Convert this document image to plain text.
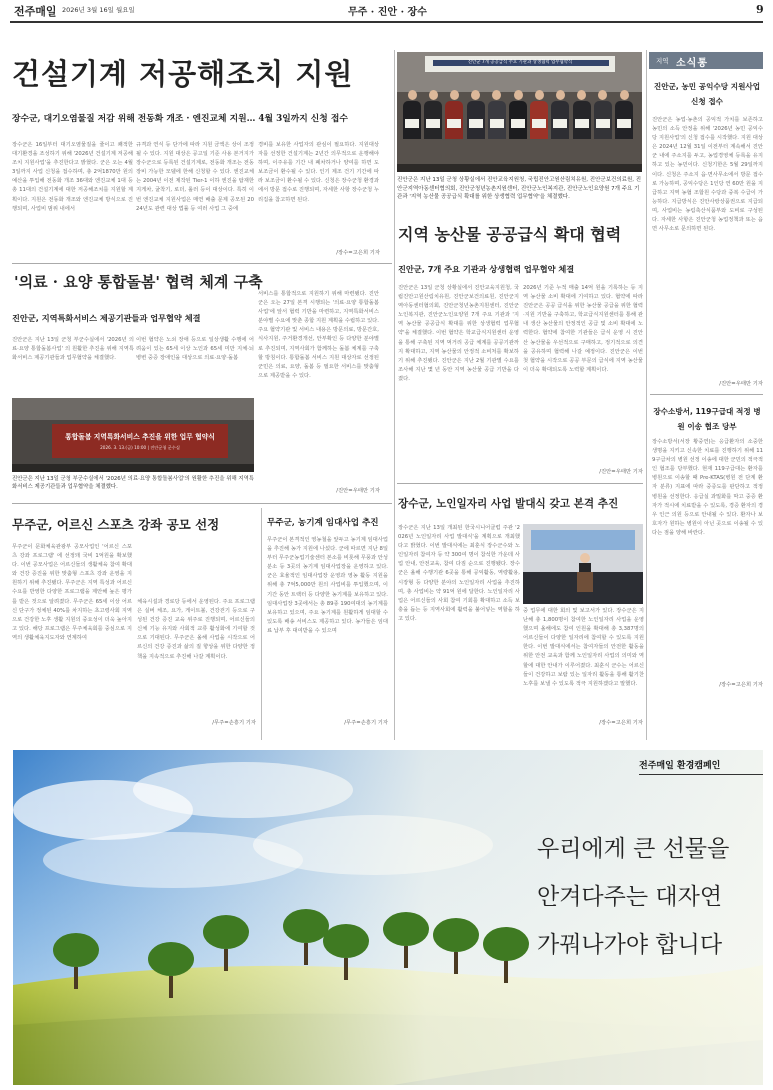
전주매일 2026년 3월 16일 월요일	무주 · 진안 · 장수	9
건설기계 저공해조치 지원
장수군, 대기오염물질 저감 위해 전동화 개조 · 엔진교체 지원… 4월 3일까지 신청 접수
장수군은 16일부터 대기오염물질을 줄이고 쾌적한 대기환경을 조성하기 위해 '2026년 건설기계 저공해조치 지원사업'을 추진한다고 밝혔다. 군은 오는 4월 3일까지 사업 신청을 접수하며, 총 2억1870만 원의 예산을 투입해 전동화 개조 36대와 엔진교체 1대 등 총 11대의 건설기계에 대한 저공해조치를 지원할 계획이다. 지원은 전동화 개조와 엔진교체 방식으로 진행되며, 사업비 범위 내에서
규격과 연식 등 단가에 따라 지원 금액은 상이 조정될 수 있다. 지원 대상은 공고일 기준 사용 본거지가 장수군으로 등록된 건설기계로, 전동화 개조는 전동장비 가능한 모델에 한해 신청할 수 있다. 엔진교체는 2004년 이전 제작된 Tier-1 이하 엔진을 탑재한 지게차, 굴착기, 로더, 롤러 등이 대상이다. 특히 이번 엔진교체 지원사업은 매연 배출 문제 공모된 2024년도 관련 대상 법률 등 여러 사업 그 중에
경비를 보유한 사업자의 관심이 필요하다. 지원대상자를 선정한 건설기계는 2년간 의무적으로 운행해야 하며, 이주유를 기간 내 폐차하거나 양여를 하면 도 보조금이 환수될 수 있다. 인기 제조 건기 기간에 따라 보조금이 환수될 수 있다. 신청은 장수군청 환경과에서 방문 접수로 진행되며, 자세한 사항 장수군청 누리집을 참고하면 된다.
/장수=고은희 기자
진안군 7개 공공급식 주요 기관과 상생협력 업무협약식
진안군은 지난 13일 군청 상황실에서 진안교육지원청, 국립진안고원산림치유원, 진안군보건의료원, 진안군지역아동센터협의회, 진안군청년농촌지원센터, 진안군노인복지관, 진안군노인요양원 7개 주요 기관과 '지역 농산물 공공급식 확대를 위한 상생협력 업무협약'을 체결했다.
지역 소식통
진안군, 농민 공익수당 지원사업 신청 접수
진안군은 농업·농촌의 공익적 가치를 보존하고 농민의 소득 안정을 위해 '2026년 농민 공익수당 지원사업'의 신청 접수를 시작했다. 지원 대상은 2024년 12월 31일 이전부터 계속해서 진안군 내에 주소지를 두고, 농업경영체 등록을 유지하고 있는 농민이다. 신청기한은 5월 29일까지이다. 신청은 주소지 읍·면사무소에서 방문 접수로 가능하며, 공익수당은 1인당 연 60만 원을 지급하고 지역 농협 조합원 수당과 중복 수급이 가능하다. 지급방식은 진안사랑상품권으로 지급되며, 사업비는 농림축산식품부와 도비로 구성된다. 자세한 사항은 진안군청 농업정책과 또는 읍면 사무소로 문의하면 된다.
/진안=우태만 기자
장수소방서, 119구급대 적정 병원 이송 협조 당부
장수소방서(서장 황중연)는 응급환자의 소중한 생명을 지키고 신속한 치료를 진행하기 위해 119구급차의 병원 선정 이송에 대한 군민의 적극적인 협조를 당부했다. 현재 119구급대는 환자를 병원으로 이송할 때 Pre-KTAS(병원 전 단계 환자 분류) 지표에 따라 중증도를 판단하고 적정 병원을 선정한다. 응급실 과밀화를 막고 중증 환자가 적시에 치료받을 수 있도록, 경증 환자의 경우 인근 의원 등으로 안내될 수 있다. 환자나 보호자가 원하는 병원이 아닌 곳으로 이송될 수 있다는 점을 양해 바란다.
/장수=고은희 기자
지역 농산물 공공급식 확대 협력
진안군, 7개 주요 기관과 상생협력 업무협약 체결
진안군은 13일 군청 상황실에서 진안교육지원청, 국립진안고원산림치유원, 진안군보건의료원, 진안군지역아동센터협의회, 진안군청년농촌지원센터, 진안군노인복지관, 진안군노인요양원 7개 주요 기관과 '지역 농산물 공공급식 확대를 위한 상생협력 업무협약'을 체결했다. 이번 협약은 학교급식지원센터 운영을 통해 구축된 지역 먹거리 공급 체계를 공공기관까지 확대하고, 지역 농산물의 안정적 소비처를 확보하기 위해 추진됐다. 진안군은 지난 2월 기관별 수요를 조사해 지난 몇 년 동안 지역 농산물 공급 기반을 다졌다.
2026년 기준 누적 매출 14억 원을 기록하는 등 지역 농산물 소비 확대에 기여하고 있다. 협약에 따라 진안군은 공공 급식을 위한 농산물 공급을 위한 협력·지원 기반을 구축하고, 학교급식지원센터를 통해 관내 생산 농산물의 안정적인 공급 및 소비 확대에 노력한다. 협약에 참여한 기관들은 급식 운영 시 진안산 농산물을 우선적으로 구매하고, 정기적으로 의견을 공유하며 협력해 나갈 예정이다. 진안군은 이번 첫 협약을 시작으로 공공 부문의 급식에 지역 농산물이 더욱 확대되도록 노력할 계획이다.
/진안=우태만 기자
'의료 · 요양 통합돌봄' 협력 체계 구축
진안군, 지역특화서비스 제공기관들과 업무협약 체결
진안군은 지난 13일 군청 부군수실에서 '2026년 의료·요양 통합돌봄사업' 의 원활한 추진을 위해 지역특화서비스 제공기관들과 업무협약을 체결했다.
이번 협약은 노쇠 장애 등으로 일상생활 수행에 어려움이 있는 65세 이상 노인과 65세 미만 지체·뇌병변 중증 장애인을 대상으로 의료·요양·돌봄
서비스를 통합적으로 지원하기 위해 마련됐다. 진안군은 오는 27일 본격 시행되는 '의료·요양 통합돌봄사업'에 앞서 협력 기반을 마련하고, 지역특화서비스 분야별 수요에 맞춘 종합 지원 계획을 수립하고 있다. 주요 협약기관 및 서비스 내용은 방문의료, 방문간호, 식사지원, 주거환경개선, 안부확인 등 다양한 분야별로 추진되며, 지역사회가 함께하는 돌봄 체계를 구축할 방침이다. 통합돌봄 서비스 지원 대상자로 선정된 군민은 의료, 요양, 돌봄 등 필요한 서비스를 맞춤형으로 제공받을 수 있다.
/진안=우태만 기자
통합돌봄 지역특화서비스 추진을 위한 업무 협약식
2026. 3. 13.(금) 10:00 | 진안군청 군수실
진안군은 지난 13일 군청 부군수실에서 '2026년 의료·요양 통합돌봄사업'의 원활한 추진을 위해 지역특화서비스 제공기관들과 업무협약을 체결했다.
무주군, 어르신 스포츠 강좌 공모 선정
무주군이 문화체육관광부 공모사업인 '어르신 스포츠 강좌 프로그램' 에 선정돼 국비 1억원을 확보했다. 이번 공모사업은 어르신들의 생활체육 참여 확대와 건강 증진을 위한 맞춤형 스포츠 강좌 운영을 지원하기 위해 추진됐다. 무주군은 지역 특성과 어르신 수요를 반영한 다양한 프로그램을 제안해 높은 평가를 받은 것으로 알려졌다. 무주군은 65세 이상 어르신 단구가 정체된 40%를 차지하는 초고령사회 지역으로 건강한 노후 생활 지원의 중요성이 더욱 높아지고 있다. 해당 프로그램은 무주체육회를 중심으로 지역의 생활체육지도자와 연계하여
체육시설과 경로당 등에서 운영된다. 주요 프로그램은 실버 체조, 요가, 게이트볼, 건강걷기 등으로 구성된 건강 증진 교육 위주로 진행되며, 어르신들의 신체 기능 유지와 사회적 교류 활성화에 기여할 것으로 기대된다. 무주군은 올해 사업을 시작으로 어르신의 건강 증진과 삶의 질 향상을 위한 다양한 정책을 지속적으로 추진해 나갈 계획이다.
/무주=손흥기 기자
무주군, 농기계 임대사업 추진
무주군이 본격적인 영농철을 앞두고 농기계 임대사업을 추진해 농가 지원에 나섰다. 군에 따르면 지난 8일부터 무주군농업기술센터 본소를 비롯해 무풍과 안성 분소 등 3곳의 농기계 임대사업장을 운영하고 있다. 군은 효율적인 임대사업장 운영과 영농 활동 지원을 위해 총 7억5,000만 원의 사업비를 투입했으며, 이 기간 동안 트랙터 등 다양한 농기계를 보유하고 있다. 임대사업장 3곳에서는 총 89종 190여대의 농기계를 보유하고 있으며, 주요 농기계를 원활하게 임대할 수 있도록 배송 서비스도 제공하고 있다. 농가들은 임대료 납부 후 대여받을 수 있으며
/무주=손흥기 기자
장수군, 노인일자리 사업 발대식 갖고 본격 추진
장수군은 지난 13일 개최된 한국시니어클럽 주관 '2026년 노인일자리 사업 발대식'을 계획으로 개최했다고 밝혔다. 이번 발대식에는 최훈식 장수군수와 노인일자리 참여자 등 약 300여 명이 참석한 가운데 사업 안내, 안전교육, 참여 다짐 순으로 진행됐다. 장수군은 올해 수행기관 6곳을 통해 공익활동, 역량활용, 시장형 등 다양한 분야의 노인일자리 사업을 추진하며, 총 사업비는 약 91억 원에 달한다. 노인일자리 사업은 어르신들의 사회 참여 기회를 확대하고 소득 보충을 돕는 등 지역사회에 활력을 불어넣는 역할을 하고 있다.
중 업무에 대한 회의 및 보고서가 있다. 장수군은 지난해 총 1,800명이 참여한 노인일자리 사업을 운영했으며 올해에도 참여 인원을 확대해 총 3,387명의 어르신들이 다양한 일자리에 참여할 수 있도록 지원한다. 이번 발대식에서는 참여자들의 안전한 활동을 위한 안전 교육과 함께 노인일자리 사업의 의미와 역할에 대한 안내가 이루어졌다. 최훈식 군수는 어르신들이 건강하고 보람 있는 일자리 활동을 통해 활기찬 노후를 보낼 수 있도록 적극 지원하겠다고 말했다.
/장수=고은희 기자
전주매일 환경캠페인
우리에게 큰 선물을
안겨다주는 대자연
가꿔나가야 합니다
